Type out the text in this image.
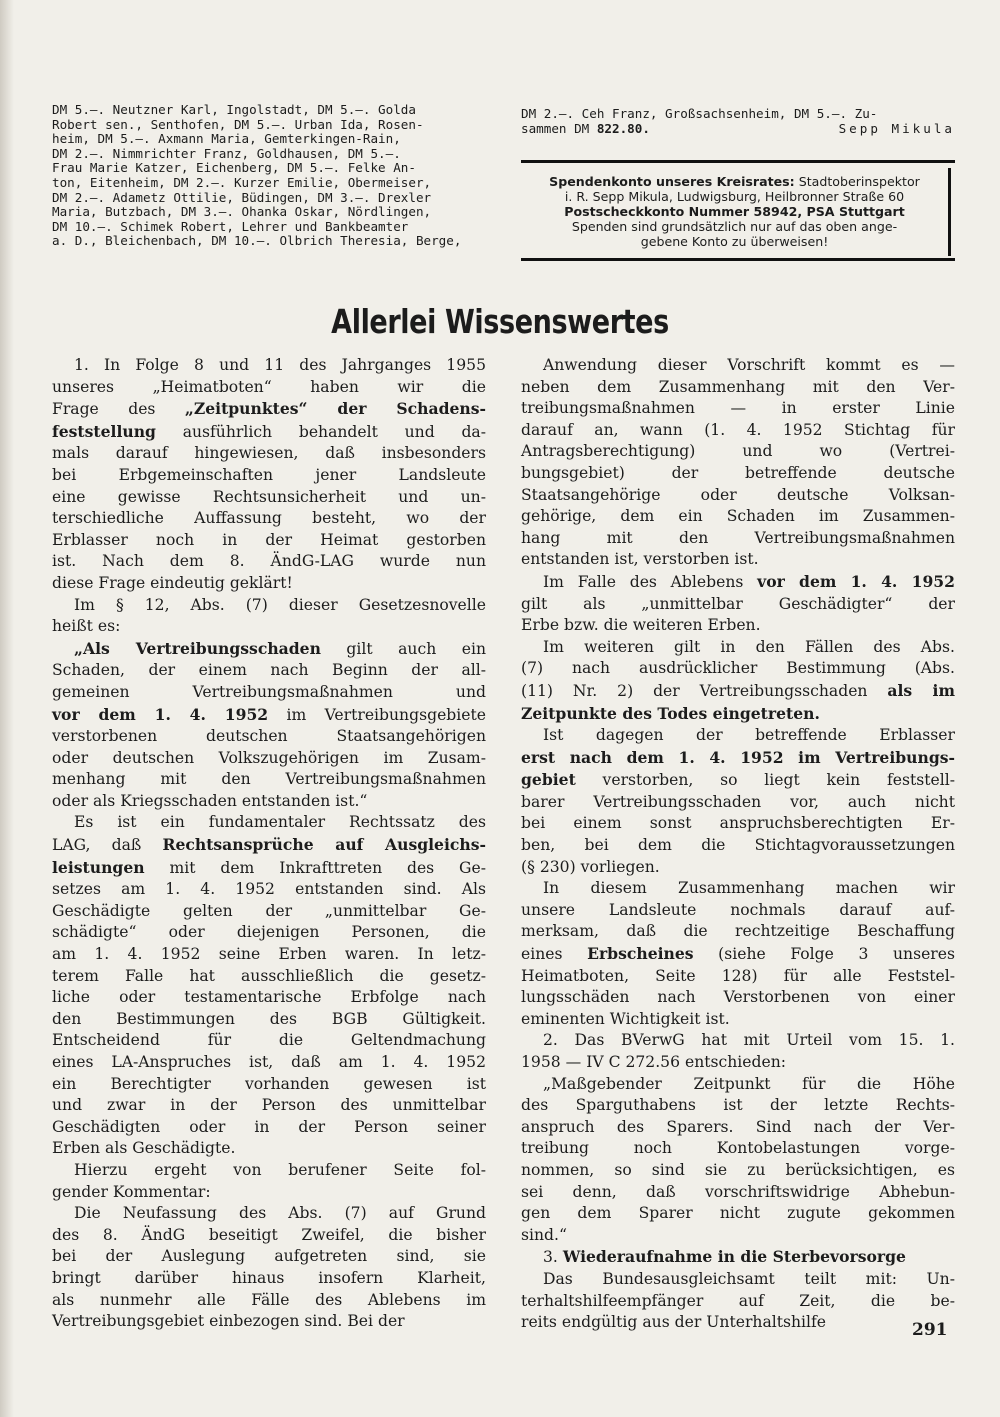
DM 5.—. Neutzner Karl, Ingolstadt, DM 5.—. Golda
Robert sen., Senthofen, DM 5.—. Urban Ida, Rosen-
heim, DM 5.—. Axmann Maria, Gemterkingen-Rain,
DM 2.—. Nimmrichter Franz, Goldhausen, DM 5.—.
Frau Marie Katzer, Eichenberg, DM 5.—. Felke An-
ton, Eitenheim, DM 2.—. Kurzer Emilie, Obermeiser,
DM 2.—. Adametz Ottilie, Büdingen, DM 3.—. Drexler
Maria, Butzbach, DM 3.—. Ohanka Oskar, Nördlingen,
DM 10.—. Schimek Robert, Lehrer und Bankbeamter
a. D., Bleichenbach, DM 10.—. Olbrich Theresia, Berge,
DM 2.—. Ceh Franz, Großsachsenheim, DM 5.—. Zu-
sammen DM 822.80.	Sepp Mikula
Spendenkonto unseres Kreisrates: Stadtoberinspektor
i. R. Sepp Mikula, Ludwigsburg, Heilbronner Straße 60
Postscheckkonto Nummer 58942, PSA Stuttgart
Spenden sind grundsätzlich nur auf das oben ange-
gebene Konto zu überweisen!
Allerlei Wissenswertes

1. In Folge 8 und 11 des Jahrganges 1955

unseres „Heimatboten“ haben wir die

Frage des „Zeitpunktes“ der Schadens-

feststellung ausführlich behandelt und da-

mals darauf hingewiesen, daß insbesonders

bei Erbgemeinschaften jener Landsleute

eine gewisse Rechtsunsicherheit und un-

terschiedliche Auffassung besteht, wo der

Erblasser noch in der Heimat gestorben

ist. Nach dem 8. ÄndG-LAG wurde nun

diese Frage eindeutig geklärt!

Im § 12, Abs. (7) dieser Gesetzesnovelle

heißt es:

„Als Vertreibungsschaden gilt auch ein

Schaden, der einem nach Beginn der all-

gemeinen Vertreibungsmaßnahmen und

vor dem 1. 4. 1952 im Vertreibungsgebiete

verstorbenen deutschen Staatsangehörigen

oder deutschen Volkszugehörigen im Zusam-

menhang mit den Vertreibungsmaßnahmen

oder als Kriegsschaden entstanden ist.“

Es ist ein fundamentaler Rechtssatz des

LAG, daß Rechtsansprüche auf Ausgleichs-

leistungen mit dem Inkrafttreten des Ge-

setzes am 1. 4. 1952 entstanden sind. Als

Geschädigte gelten der „unmittelbar Ge-

schädigte“ oder diejenigen Personen, die

am 1. 4. 1952 seine Erben waren. In letz-

terem Falle hat ausschließlich die gesetz-

liche oder testamentarische Erbfolge nach

den Bestimmungen des BGB Gültigkeit.

Entscheidend für die Geltendmachung

eines LA-Anspruches ist, daß am 1. 4. 1952

ein Berechtigter vorhanden gewesen ist

und zwar in der Person des unmittelbar

Geschädigten oder in der Person seiner

Erben als Geschädigte.

Hierzu ergeht von berufener Seite fol-

gender Kommentar:

Die Neufassung des Abs. (7) auf Grund

des 8. ÄndG beseitigt Zweifel, die bisher

bei der Auslegung aufgetreten sind, sie

bringt darüber hinaus insofern Klarheit,

als nunmehr alle Fälle des Ablebens im

Vertreibungsgebiet einbezogen sind. Bei der

Anwendung dieser Vorschrift kommt es —

neben dem Zusammenhang mit den Ver-

treibungsmaßnahmen — in erster Linie

darauf an, wann (1. 4. 1952 Stichtag für

Antragsberechtigung) und wo (Vertrei-

bungsgebiet) der betreffende deutsche

Staatsangehörige oder deutsche Volksan-

gehörige, dem ein Schaden im Zusammen-

hang mit den Vertreibungsmaßnahmen

entstanden ist, verstorben ist.

Im Falle des Ablebens vor dem 1. 4. 1952

gilt als „unmittelbar Geschädigter“ der

Erbe bzw. die weiteren Erben.

Im weiteren gilt in den Fällen des Abs.

(7) nach ausdrücklicher Bestimmung (Abs.

(11) Nr. 2) der Vertreibungsschaden als im

Zeitpunkte des Todes eingetreten.

Ist dagegen der betreffende Erblasser

erst nach dem 1. 4. 1952 im Vertreibungs-

gebiet verstorben, so liegt kein feststell-

barer Vertreibungsschaden vor, auch nicht

bei einem sonst anspruchsberechtigten Er-

ben, bei dem die Stichtagvoraussetzungen

(§ 230) vorliegen.

In diesem Zusammenhang machen wir

unsere Landsleute nochmals darauf auf-

merksam, daß die rechtzeitige Beschaffung

eines Erbscheines (siehe Folge 3 unseres

Heimatboten, Seite 128) für alle Feststel-

lungsschäden nach Verstorbenen von einer

eminenten Wichtigkeit ist.

2. Das BVerwG hat mit Urteil vom 15. 1.

1958 — IV C 272.56 entschieden:

„Maßgebender Zeitpunkt für die Höhe

des Sparguthabens ist der letzte Rechts-

anspruch des Sparers. Sind nach der Ver-

treibung noch Kontobelastungen vorge-

nommen, so sind sie zu berücksichtigen, es

sei denn, daß vorschriftswidrige Abhebun-

gen dem Sparer nicht zugute gekommen

sind.“

3. Wiederaufnahme in die Sterbevorsorge

Das Bundesausgleichsamt teilt mit: Un-

terhaltshilfeempfänger auf Zeit, die be-

reits endgültig aus der Unterhaltshilfe	291
